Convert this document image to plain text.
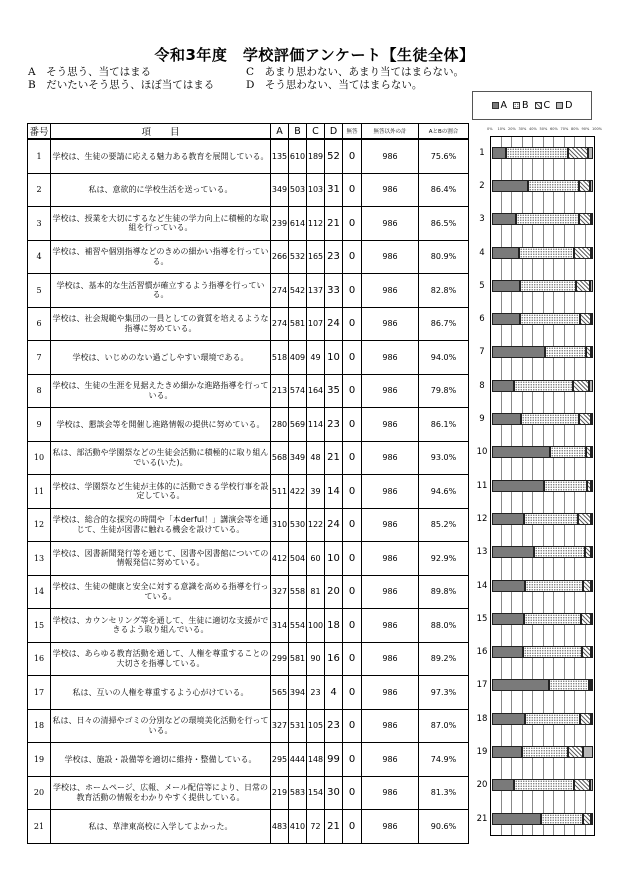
令和3年度　学校評価アンケート【生徒全体】
A　そう思う、当てはまる
B　だいたいそう思う、ほぼ当てはまる
C　あまり思わない、あまり当てはまらない。
D　そう思わない、当てはまらない。
A B C D
番号	項　　目	A	B	C	D	無答	無答以外の計	AとBの割合
1	学校は、生徒の要請に応える魅力ある教育を展開している。	135	610	189	52	0	986	75.6%
2	私は、意欲的に学校生活を送っている。	349	503	103	31	0	986	86.4%
3	学校は、授業を大切にするなど生徒の学力向上に積極的な取組を行っている。	239	614	112	21	0	986	86.5%
4	学校は、補習や個別指導などのきめの細かい指導を行っている。	266	532	165	23	0	986	80.9%
5	学校は、基本的な生活習慣が確立するよう指導を行っている。	274	542	137	33	0	986	82.8%
6	学校は、社会規範や集団の一員としての資質を培えるような指導に努めている。	274	581	107	24	0	986	86.7%
7	学校は、いじめのない過ごしやすい環境である。	518	409	49	10	0	986	94.0%
8	学校は、生徒の生涯を見据えたきめ細かな進路指導を行っている。	213	574	164	35	0	986	79.8%
9	学校は、懇談会等を開催し進路情報の提供に努めている。	280	569	114	23	0	986	86.1%
10	私は、部活動や学園祭などの生徒会活動に積極的に取り組んでいる(いた)。	568	349	48	21	0	986	93.0%
11	学校は、学園祭など生徒が主体的に活動できる学校行事を設定している。	511	422	39	14	0	986	94.6%
12	学校は、総合的な探究の時間や「本derful！」講演会等を通じて、生徒が図書に触れる機会を設けている。	310	530	122	24	0	986	85.2%
13	学校は、図書新聞発行等を通じて、図書や図書館についての情報発信に努めている。	412	504	60	10	0	986	92.9%
14	学校は、生徒の健康と安全に対する意識を高める指導を行っている。	327	558	81	20	0	986	89.8%
15	学校は、カウンセリング等を通して、生徒に適切な支援ができるよう取り組んでいる。	314	554	100	18	0	986	88.0%
16	学校は、あらゆる教育活動を通して、人権を尊重することの大切さを指導している。	299	581	90	16	0	986	89.2%
17	私は、互いの人権を尊重するよう心がけている。	565	394	23	4	0	986	97.3%
18	私は、日々の清掃やゴミの分別などの環境美化活動を行っている。	327	531	105	23	0	986	87.0%
19	学校は、施設・設備等を適切に維持・整備している。	295	444	148	99	0	986	74.9%
20	学校は、ホームページ、広報、メール配信等により、日常の教育活動の情報をわかりやすく提供している。	219	583	154	30	0	986	81.3%
21	私は、草津東高校に入学してよかった。	483	410	72	21	0	986	90.6%
0% 10% 20% 30% 40% 50% 60% 70% 80% 90% 100%
1
2
3
4
5
6
7
8
9
10
11
12
13
14
15
16
17
18
19
20
21
